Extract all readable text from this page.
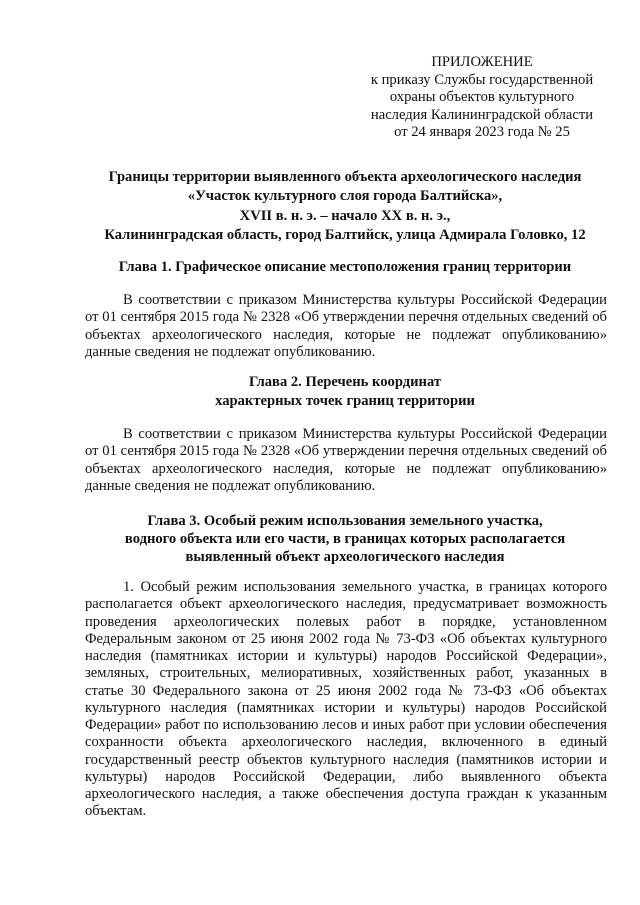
ПРИЛОЖЕНИЕ
к приказу Службы государственной
охраны объектов культурного
наследия Калининградской области
от 24 января 2023 года № 25
Границы территории выявленного объекта археологического наследия
«Участок культурного слоя города Балтийска»,
XVII в. н. э. – начало XX в. н. э.,
Калининградская область, город Балтийск, улица Адмирала Головко, 12
Глава 1. Графическое описание местоположения границ территории
В соответствии с приказом Министерства культуры Российской Федерации от 01 сентября 2015 года № 2328 «Об утверждении перечня отдельных сведений об объектах археологического наследия, которые не подлежат опубликованию» данные сведения не подлежат опубликованию.
Глава 2. Перечень координат
характерных точек границ территории
В соответствии с приказом Министерства культуры Российской Федерации от 01 сентября 2015 года № 2328 «Об утверждении перечня отдельных сведений об объектах археологического наследия, которые не подлежат опубликованию» данные сведения не подлежат опубликованию.
Глава 3. Особый режим использования земельного участка,
водного объекта или его части, в границах которых располагается
выявленный объект археологического наследия
1. Особый режим использования земельного участка, в границах которого располагается объект археологического наследия, предусматривает возможность проведения археологических полевых работ в порядке, установленном Федеральным законом от 25 июня 2002 года № 73-ФЗ «Об объектах культурного наследия (памятниках истории и культуры) народов Российской Федерации», земляных, строительных, мелиоративных, хозяйственных работ, указанных в статье 30 Федерального закона от 25 июня 2002 года № 73-ФЗ «Об объектах культурного наследия (памятниках истории и культуры) народов Российской Федерации» работ по использованию лесов и иных работ при условии обеспечения сохранности объекта археологического наследия, включенного в единый государственный реестр объектов культурного наследия (памятников истории и культуры) народов Российской Федерации, либо выявленного объекта археологического наследия, а также обеспечения доступа граждан к указанным объектам.
